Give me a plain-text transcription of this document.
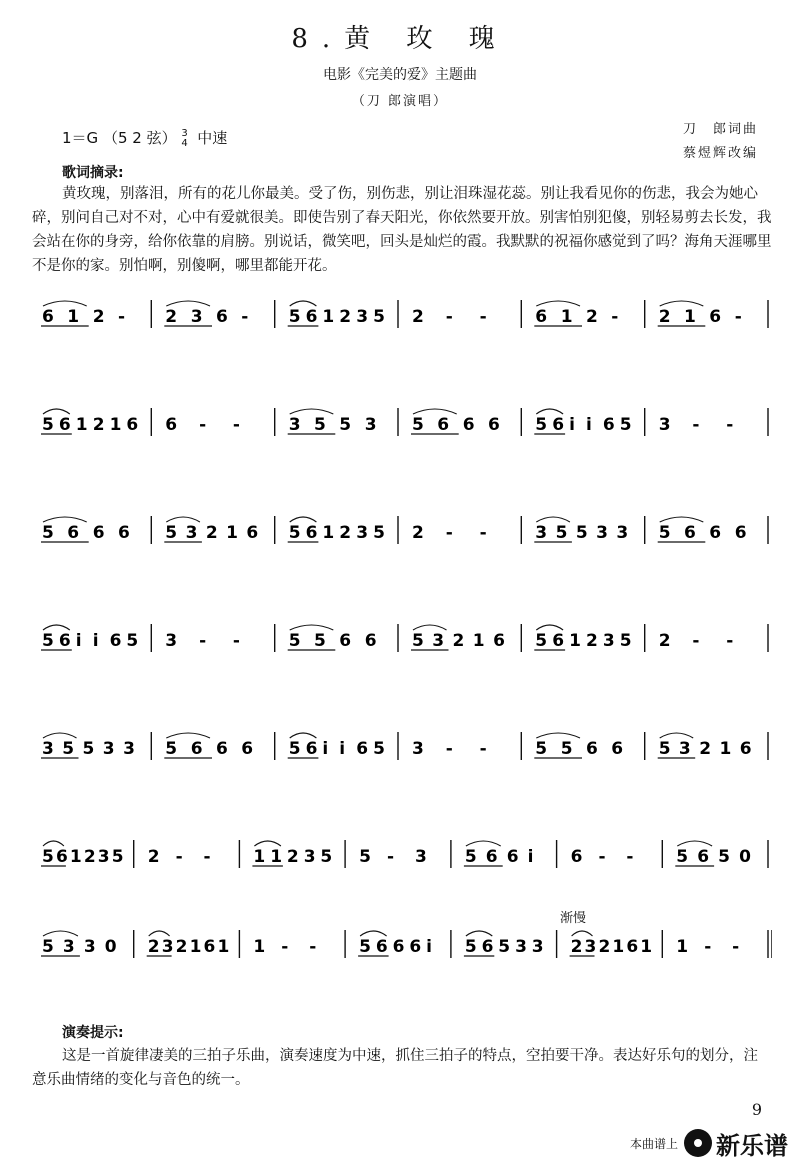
8.黄 玫 瑰
电影《完美的爱》主题曲
（刀 郎演唱）
1＝G （5 2 弦） 3
4 中速	刀　郎词曲
蔡煜辉改编
歌词摘录:
黄玫瑰，别落泪，所有的花儿你最美。受了伤，别伤悲，别让泪珠湿花蕊。别让我看见你的伤悲，我会为她心碎，别问自己对不对，心中有爱就很美。即使告别了春天阳光，你依然要开放。别害怕别犯傻，别轻易剪去长发，我会站在你的身旁，给你依靠的肩膀。别说话，微笑吧，回头是灿烂的霞。我默默的祝福你感觉到了吗？海角天涯哪里不是你的家。别怕啊，别傻啊，哪里都能开花。
6 1 2 - 2 3 6 - 5 6 1 2 3 5 2 - -	6 1 2 - 2 1 6 -
5 6 1 2 1 6 6 - -	3 5 5 3 5 6 6 6 5 6 i i 6 5 3 - -
5 6 6 6 5 3 2 1 6 5 6 1 2 3 5 2 - -	3 5 5 3 3 5 6 6 6
5 6 i i 6 5 3 - -	5 5 6 6 5 3 2 1 6 5 6 1 2 3 5 2 - -
3 5 5 3 3 5 6 6 6 5 6 i i 6 5 3 - -	5 5 6 6 5 3 2 1 6
渐慢
5 6 1 2 3 5 2 - -	1 1 2 3 5 5 - 3 5 6 6 i 6 - -	5 6 5 0
5 3 3 0 2 3 2 1 6 1 1 - -	5 6 6 6 i 5 6 5 3 3 2 3 2 1 6 1 1 - -
演奏提示:
这是一首旋律凄美的三拍子乐曲，演奏速度为中速，抓住三拍子的特点，空拍要干净。表达好乐句的划分，注意乐曲情绪的变化与音色的统一。
9
本曲谱上 新乐谱
